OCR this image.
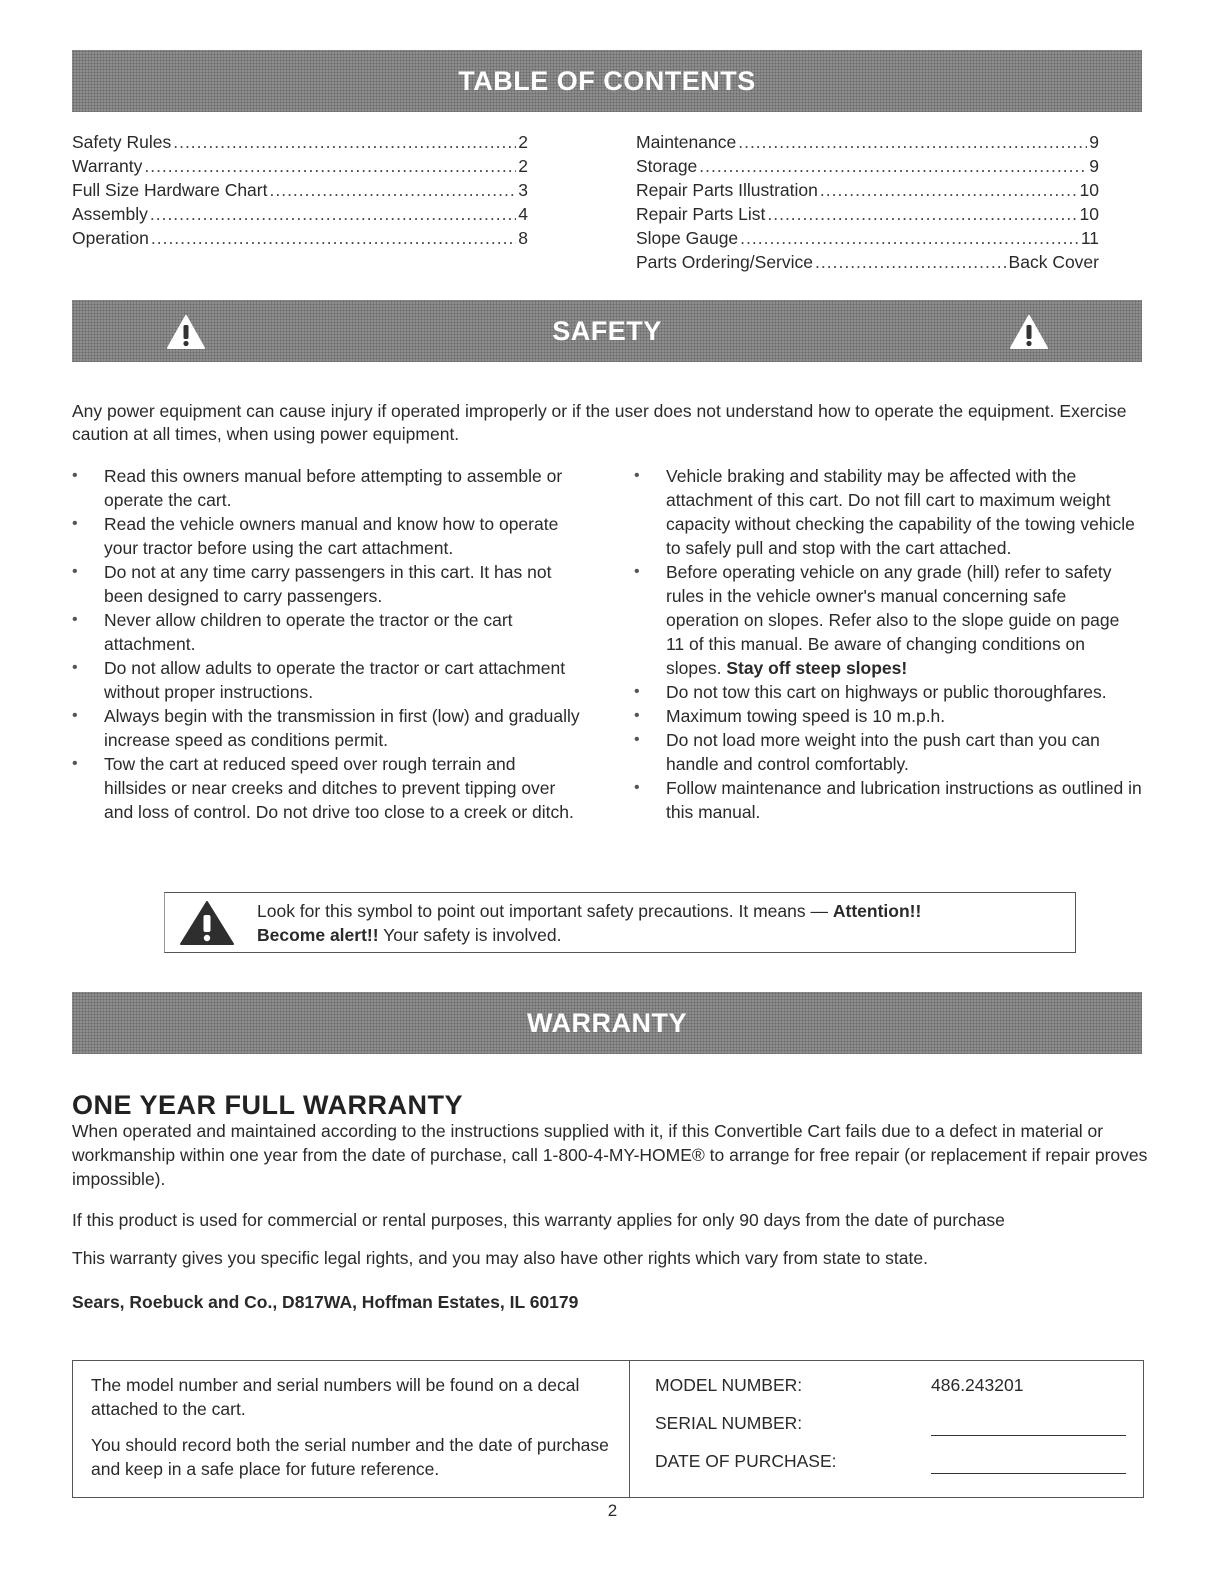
TABLE OF CONTENTS
Safety Rules .....	2
Warranty .....	2
Full Size Hardware Chart .....	3
Assembly .....	4
Operation .....	8
Maintenance .....	9
Storage .....	9
Repair Parts Illustration .....	10
Repair Parts List .....	10
Slope Gauge .....	11
Parts Ordering/Service .....	Back Cover
SAFETY
Any power equipment can cause injury if operated improperly or if the user does not understand how to operate the equipment. Exercise caution at all times, when using power equipment.
• Read this owners manual before attempting to assemble or operate the cart.
• Read the vehicle owners manual and know how to operate your tractor before using the cart attachment.
• Do not at any time carry passengers in this cart. It has not been designed to carry passengers.
• Never allow children to operate the tractor or the cart attachment.
• Do not allow adults to operate the tractor or cart attachment without proper instructions.
• Always begin with the transmission in first (low) and gradually increase speed as conditions permit.
• Tow the cart at reduced speed over rough terrain and hillsides or near creeks and ditches to prevent tipping over and loss of control. Do not drive too close to a creek or ditch.
• Vehicle braking and stability may be affected with the attachment of this cart. Do not fill cart to maximum weight capacity without checking the capability of the towing vehicle to safely pull and stop with the cart attached.
• Before operating vehicle on any grade (hill) refer to safety rules in the vehicle owner's manual concerning safe operation on slopes. Refer also to the slope guide on page 11 of this manual. Be aware of changing conditions on slopes. Stay off steep slopes!
• Do not tow this cart on highways or public thoroughfares.
• Maximum towing speed is 10 m.p.h.
• Do not load more weight into the push cart than you can handle and control comfortably.
• Follow maintenance and lubrication instructions as outlined in this manual.
Look for this symbol to point out important safety precautions. It means — Attention!!
Become alert!! Your safety is involved.
WARRANTY
ONE YEAR FULL WARRANTY
When operated and maintained according to the instructions supplied with it, if this Convertible Cart fails due to a defect in material or workmanship within one year from the date of purchase, call 1-800-4-MY-HOME® to arrange for free repair (or replacement if repair proves impossible).
If this product is used for commercial or rental purposes, this warranty applies for only 90 days from the date of purchase
This warranty gives you specific legal rights, and you may also have other rights which vary from state to state.
Sears, Roebuck and Co., D817WA, Hoffman Estates, IL 60179
The model number and serial numbers will be found on a decal attached to the cart.
You should record both the serial number and the date of purchase and keep in a safe place for future reference.
MODEL NUMBER:	486.243201
SERIAL NUMBER:
DATE OF PURCHASE:
2
